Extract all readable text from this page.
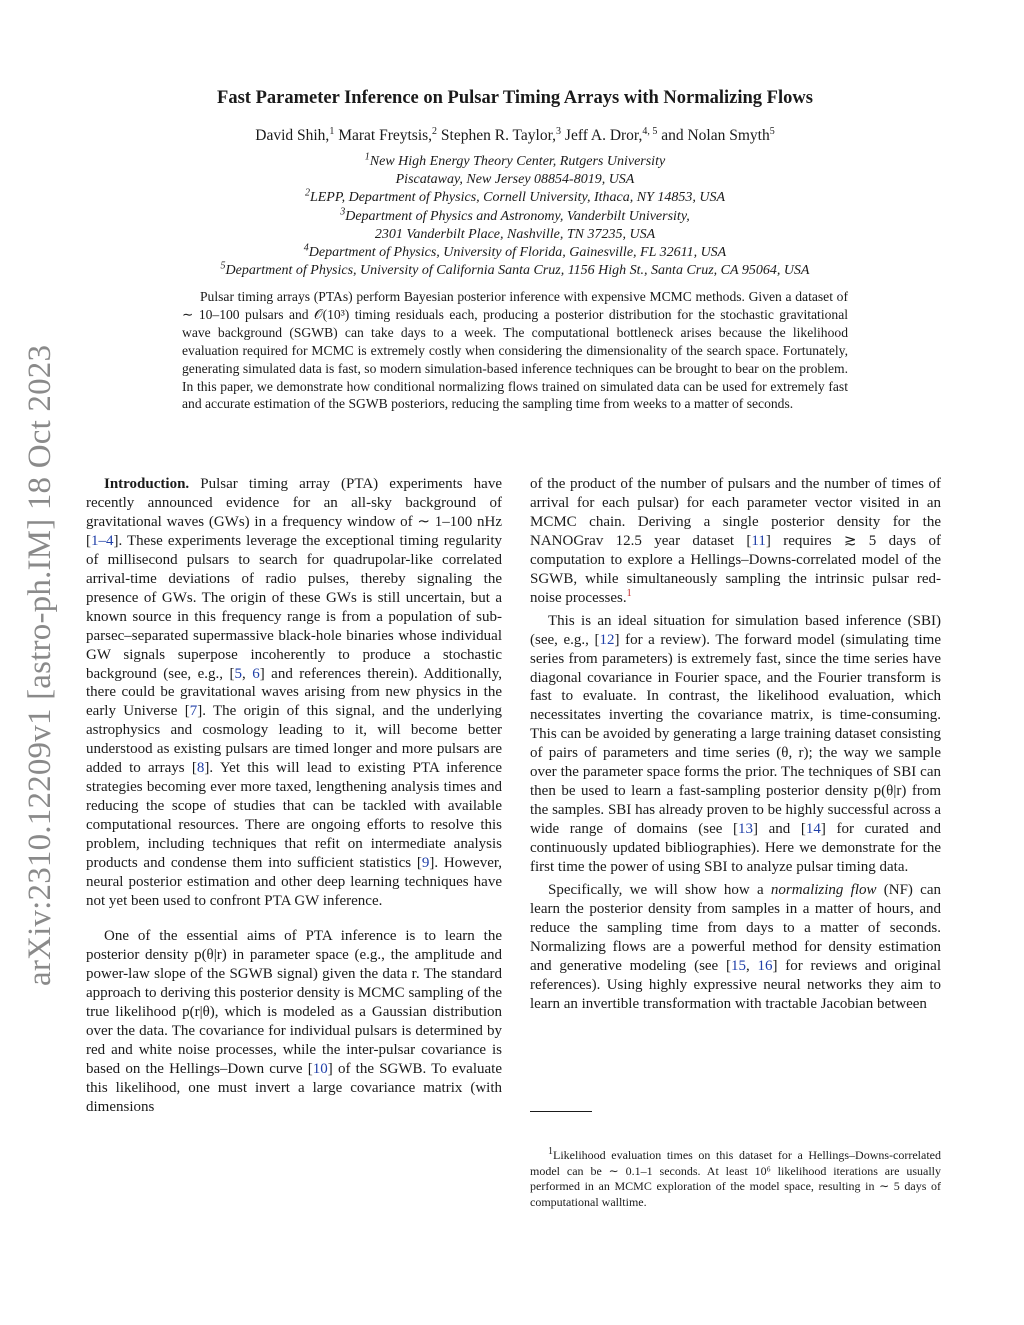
arXiv:2310.12209v1 [astro-ph.IM] 18 Oct 2023
Fast Parameter Inference on Pulsar Timing Arrays with Normalizing Flows
David Shih,$^1$ Marat Freytsis,$^2$ Stephen R. Taylor,$^3$ Jeff A. Dror,$^{4, 5}$ and Nolan Smyth$^5$
$^1$New High Energy Theory Center, Rutgers University
Piscataway, New Jersey 08854-8019, USA
$^2$LEPP, Department of Physics, Cornell University, Ithaca, NY 14853, USA
$^3$Department of Physics and Astronomy, Vanderbilt University,
2301 Vanderbilt Place, Nashville, TN 37235, USA
$^4$Department of Physics, University of Florida, Gainesville, FL 32611, USA
$^5$Department of Physics, University of California Santa Cruz, 1156 High St., Santa Cruz, CA 95064, USA

Pulsar timing arrays (PTAs) perform Bayesian posterior inference with expensive MCMC methods. Given a dataset of ∼ 10–100 pulsars and 𝒪(10³) timing residuals each, producing a posterior distribution for the stochastic gravitational wave background (SGWB) can take days to a week. The computational bottleneck arises because the likelihood evaluation required for MCMC is extremely costly when considering the dimensionality of the search space. Fortunately, generating simulated data is fast, so modern simulation-based inference techniques can be brought to bear on the problem. In this paper, we demonstrate how conditional normalizing flows trained on simulated data can be used for extremely fast and accurate estimation of the SGWB posteriors, reducing the sampling time from weeks to a matter of seconds.

Introduction. Pulsar timing array (PTA) experiments have recently announced evidence for an all-sky background of gravitational waves (GWs) in a frequency window of ∼ 1–100 nHz [1–4]. These experiments leverage the exceptional timing regularity of millisecond pulsars to search for quadrupolar-like correlated arrival-time deviations of radio pulses, thereby signaling the presence of GWs. The origin of these GWs is still uncertain, but a known source in this frequency range is from a population of sub-parsec–separated supermassive black-hole binaries whose individual GW signals superpose incoherently to produce a stochastic background (see, e.g., [5, 6] and references therein). Additionally, there could be gravitational waves arising from new physics in the early Universe [7]. The origin of this signal, and the underlying astrophysics and cosmology leading to it, will become better understood as existing pulsars are timed longer and more pulsars are added to arrays [8]. Yet this will lead to existing PTA inference strategies becoming ever more taxed, lengthening analysis times and reducing the scope of studies that can be tackled with available computational resources. There are ongoing efforts to resolve this problem, including techniques that refit on intermediate analysis products and condense them into sufficient statistics [9]. However, neural posterior estimation and other deep learning techniques have not yet been used to confront PTA GW inference.

One of the essential aims of PTA inference is to learn the posterior density p(θ|r) in parameter space (e.g., the amplitude and power-law slope of the SGWB signal) given the data r. The standard approach to deriving this posterior density is MCMC sampling of the true likelihood p(r|θ), which is modeled as a Gaussian distribution over the data. The covariance for individual pulsars is determined by red and white noise processes, while the inter-pulsar covariance is based on the Hellings–Down curve [10] of the SGWB. To evaluate this likelihood, one must invert a large covariance matrix (with dimensions

of the product of the number of pulsars and the number of times of arrival for each pulsar) for each parameter vector visited in an MCMC chain. Deriving a single posterior density for the NANOGrav 12.5 year dataset [11] requires ≳ 5 days of computation to explore a Hellings–Downs-correlated model of the SGWB, while simultaneously sampling the intrinsic pulsar red-noise processes.$^1$

This is an ideal situation for simulation based inference (SBI) (see, e.g., [12] for a review). The forward model (simulating time series from parameters) is extremely fast, since the time series have diagonal covariance in Fourier space, and the Fourier transform is fast to evaluate. In contrast, the likelihood evaluation, which necessitates inverting the covariance matrix, is time-consuming. This can be avoided by generating a large training dataset consisting of pairs of parameters and time series (θ, r); the way we sample over the parameter space forms the prior. The techniques of SBI can then be used to learn a fast-sampling posterior density p(θ|r) from the samples. SBI has already proven to be highly successful across a wide range of domains (see [13] and [14] for curated and continuously updated bibliographies). Here we demonstrate for the first time the power of using SBI to analyze pulsar timing data.

Specifically, we will show how a normalizing flow (NF) can learn the posterior density from samples in a matter of hours, and reduce the sampling time from days to a matter of seconds. Normalizing flows are a powerful method for density estimation and generative modeling (see [15, 16] for reviews and original references). Using highly expressive neural networks they aim to learn an invertible transformation with tractable Jacobian between

$^1$Likelihood evaluation times on this dataset for a Hellings–Downs-correlated model can be ∼ 0.1–1 seconds. At least 10⁶ likelihood iterations are usually performed in an MCMC exploration of the model space, resulting in ∼ 5 days of computational walltime.
